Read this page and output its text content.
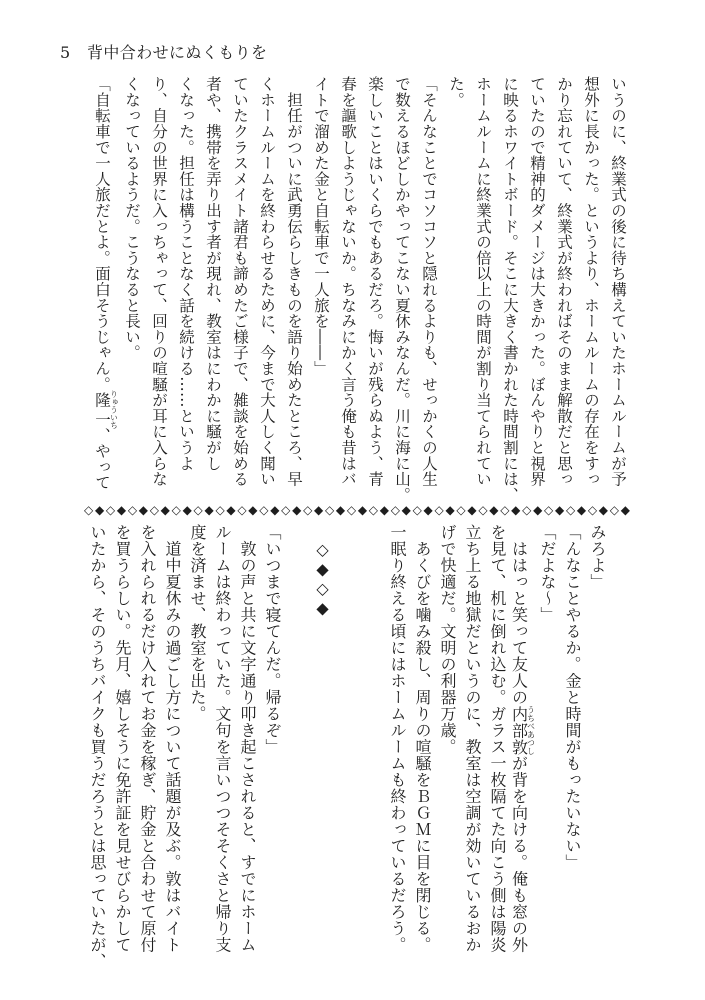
5 背中合わせにぬくもりを
いうのに、終業式の後に待ち構えていたホームルームが予
想外に長かった。というより、ホームルームの存在をすっ
かり忘れていて、終業式が終わればそのまま解散だと思っ
ていたので精神的ダメージは大きかった。ぼんやりと視界
に映るホワイトボード。そこに大きく書かれた時間割には、
ホームルームに終業式の倍以上の時間が割り当てられてい
た。
「そんなことでコソコソと隠れるよりも、せっかくの人生
で数えるほどしかやってこない夏休みなんだ。川に海に山。
楽しいことはいくらでもあるだろ。悔いが残らぬよう、青
春を謳歌しようじゃないか。ちなみにかく言う俺も昔はバ
イトで溜めた金と自転車で一人旅を――」
　担任がついに武勇伝らしきものを語り始めたところ、早
くホームルームを終わらせるために、今まで大人しく聞い
ていたクラスメイト諸君も諦めたご様子で、雑談を始める
者や、携帯を弄り出す者が現れ、教室はにわかに騒がし
くなった。担任は構うことなく話を続ける……というよ
り、自分の世界に入っちゃって、回りの喧騒が耳に入らな
くなっているようだ。こうなると長い。
「自転車で一人旅だとよ。面白そうじゃん。隆一りゅういち、やって
◇ ◆ ◇ ◆ ◇ ◆ ◇ ◆ ◇ ◆ ◇ ◆ ◇ ◆ ◇ ◆ ◇ ◆ ◇ ◆ ◇ ◆ ◇ ◆ ◇ ◆ ◇ ◆ ◇ ◆ ◇ ◆ ◇ ◆ ◇ ◆ ◇ ◆ ◇ ◆ ◇ ◆ ◇ ◆ ◇ ◆ ◇ ◆ ◇ ◆
みろよ」
「んなことやるか。金と時間がもったいない」
「だよな～」
　ははっと笑って友人の内部敦うちべあつしが背を向ける。俺も窓の外
を見て、机に倒れ込む。ガラス一枚隔てた向こう側は陽炎
立ち上る地獄だというのに、教室は空調が効いているおか
げで快適だ。文明の利器万歳。
　あくびを噛み殺し、周りの喧騒をＢＧＭに目を閉じる。
一眠り終える頃にはホームルームも終わっているだろう。
◇◆◇◆
「いつまで寝てんだ。帰るぞ」
　敦の声と共に文字通り叩き起こされると、すでにホーム
ルームは終わっていた。文句を言いつつそそくさと帰り支
度を済ませ、教室を出た。
　道中夏休みの過ごし方について話題が及ぶ。敦はバイト
を入れられるだけ入れてお金を稼ぎ、貯金と合わせて原付
を買うらしい。先月、嬉しそうに免許証を見せびらかして
いたから、そのうちバイクも買うだろうとは思っていたが、
